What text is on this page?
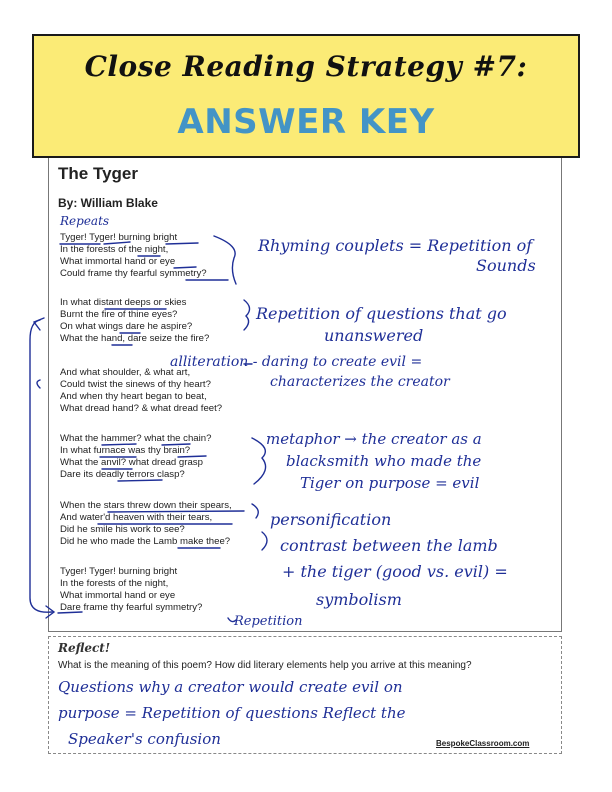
Close Reading Strategy #7:
ANSWER KEY
The Tyger
By: William Blake
Tyger! Tyger! burning bright
In the forests of the night,
What immortal hand or eye
Could frame thy fearful symmetry?
In what distant deeps or skies
Burnt the fire of thine eyes?
On what wings dare he aspire?
What the hand, dare seize the fire?
And what shoulder, & what art,
Could twist the sinews of thy heart?
And when thy heart began to beat,
What dread hand? & what dread feet?
What the hammer? what the chain?
In what furnace was thy brain?
What the anvil? what dread grasp
Dare its deadly terrors clasp?
When the stars threw down their spears,
And water'd heaven with their tears,
Did he smile his work to see?
Did he who made the Lamb make thee?
Tyger! Tyger! burning bright
In the forests of the night,
What immortal hand or eye
Dare frame thy fearful symmetry?
Repeats
Rhyming couplets = Repetition of
Sounds
Repetition of questions that go
unanswered
alliteration - daring to create evil =
characterizes the creator
metaphor → the creator as a
blacksmith who made the
Tiger on purpose = evil
personification
contrast between the lamb
+ the tiger (good vs. evil) =
symbolism
Repetition
Reflect!
What is the meaning of this poem? How did literary elements help you arrive at this meaning?
Questions why a creator would create evil on
purpose = Repetition of questions Reflect the
Speaker's confusion	BespokeClassroom.com
